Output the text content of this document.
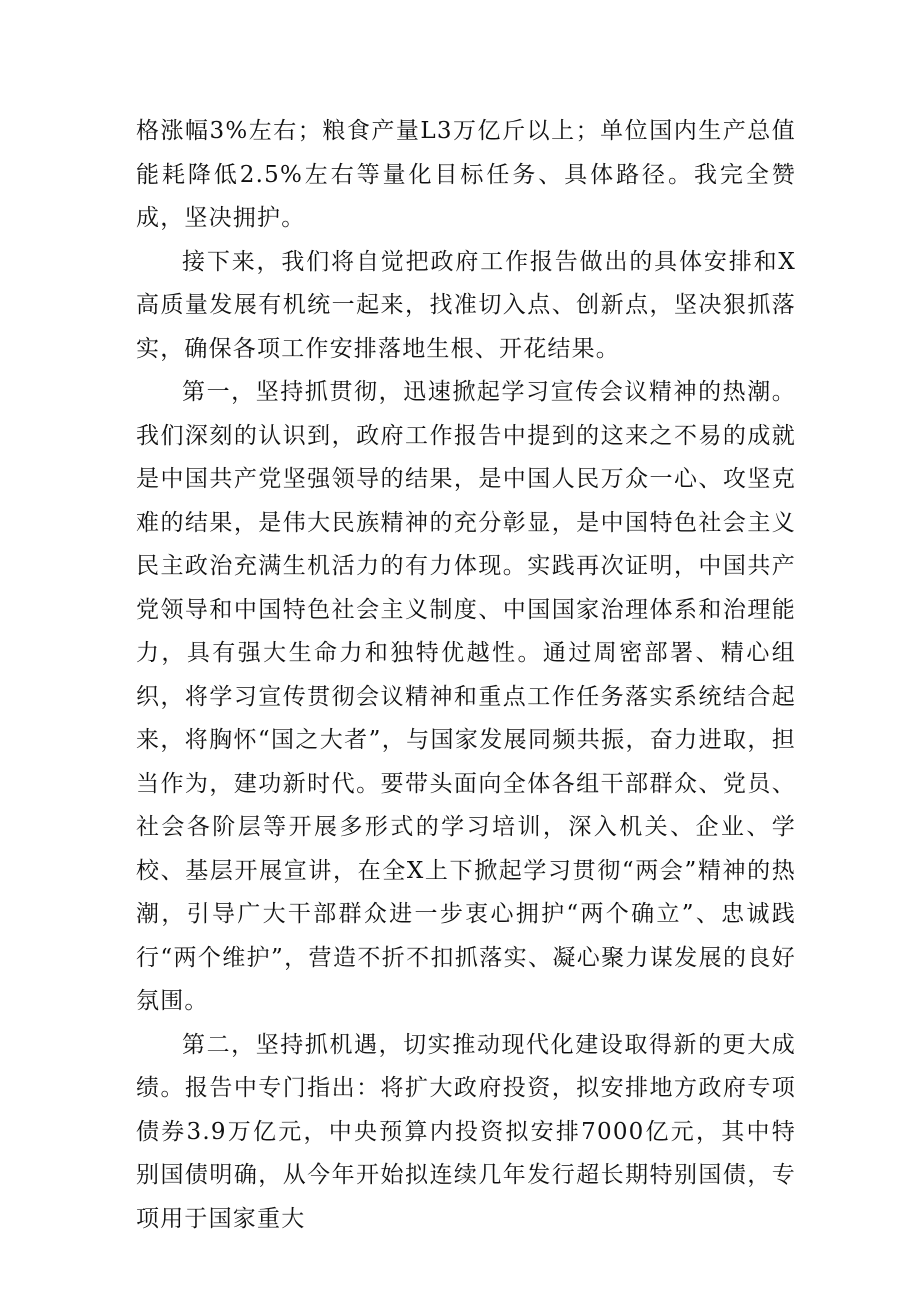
格涨幅3%左右；粮食产量L3万亿斤以上；单位国内生产总值能耗降低2.5%左右等量化目标任务、具体路径。我完全赞成，坚决拥护。

接下来，我们将自觉把政府工作报告做出的具体安排和X高质量发展有机统一起来，找准切入点、创新点，坚决狠抓落实，确保各项工作安排落地生根、开花结果。

第一，坚持抓贯彻，迅速掀起学习宣传会议精神的热潮。我们深刻的认识到，政府工作报告中提到的这来之不易的成就是中国共产党坚强领导的结果，是中国人民万众一心、攻坚克难的结果，是伟大民族精神的充分彰显，是中国特色社会主义民主政治充满生机活力的有力体现。实践再次证明，中国共产党领导和中国特色社会主义制度、中国国家治理体系和治理能力，具有强大生命力和独特优越性。通过周密部署、精心组织，将学习宣传贯彻会议精神和重点工作任务落实系统结合起来，将胸怀“国之大者”，与国家发展同频共振，奋力进取，担当作为，建功新时代。要带头面向全体各组干部群众、党员、社会各阶层等开展多形式的学习培训，深入机关、企业、学校、基层开展宣讲，在全X上下掀起学习贯彻“两会”精神的热潮，引导广大干部群众进一步衷心拥护“两个确立”、忠诚践行“两个维护”，营造不折不扣抓落实、凝心聚力谋发展的良好氛围。

第二，坚持抓机遇，切实推动现代化建设取得新的更大成绩。报告中专门指出：将扩大政府投资，拟安排地方政府专项债券3.9万亿元，中央预算内投资拟安排7000亿元，其中特别国债明确，从今年开始拟连续几年发行超长期特别国债，专项用于国家重大
